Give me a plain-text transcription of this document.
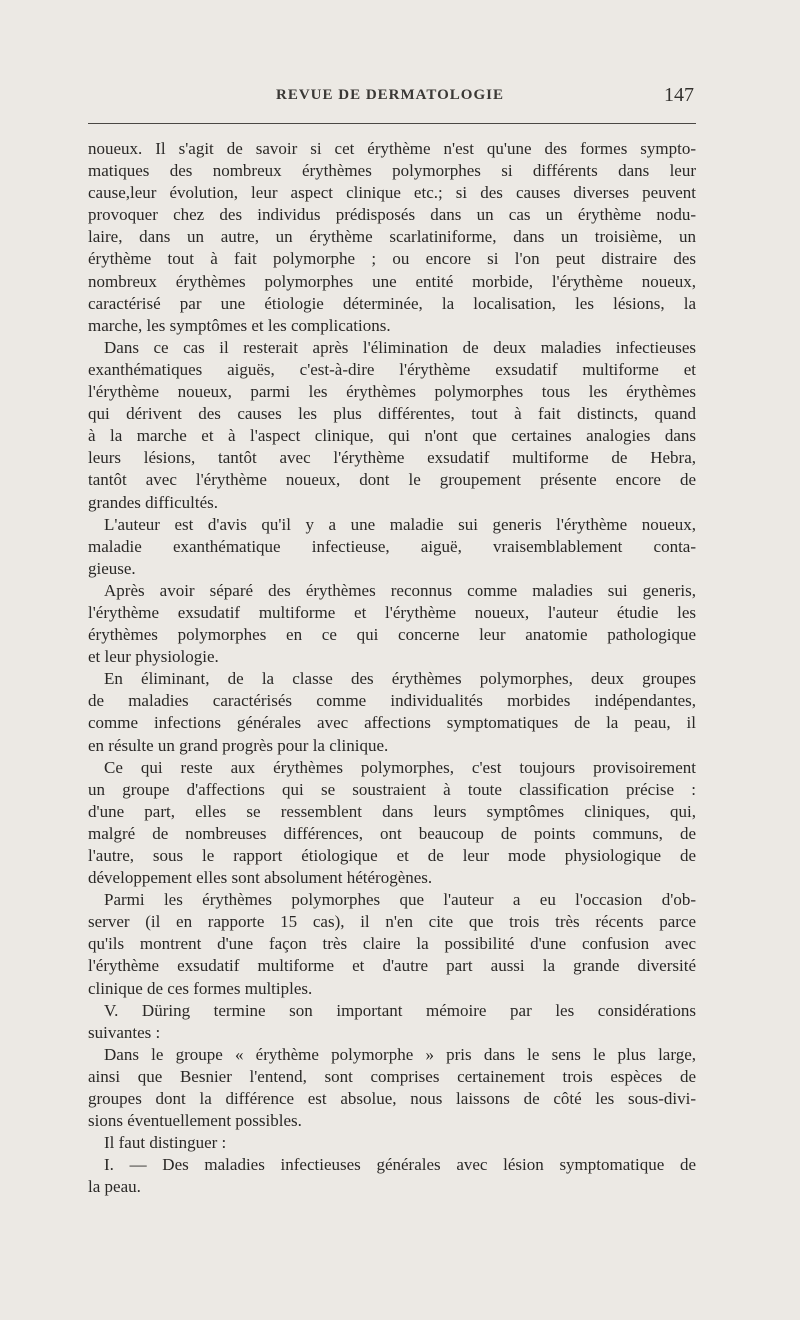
REVUE DE DERMATOLOGIE	147
noueux. Il s'agit de savoir si cet érythème n'est qu'une des formes sympto-
matiques des nombreux érythèmes polymorphes si différents dans leur
cause,leur évolution, leur aspect clinique etc.; si des causes diverses peuvent
provoquer chez des individus prédisposés dans un cas un érythème nodu-
laire, dans un autre, un érythème scarlatiniforme, dans un troisième, un
érythème tout à fait polymorphe ; ou encore si l'on peut distraire des
nombreux érythèmes polymorphes une entité morbide, l'érythème noueux,
caractérisé par une étiologie déterminée, la localisation, les lésions, la
marche, les symptômes et les complications.
Dans ce cas il resterait après l'élimination de deux maladies infectieuses
exanthématiques aiguës, c'est-à-dire l'érythème exsudatif multiforme et
l'érythème noueux, parmi les érythèmes polymorphes tous les érythèmes
qui dérivent des causes les plus différentes, tout à fait distincts, quand
à la marche et à l'aspect clinique, qui n'ont que certaines analogies dans
leurs lésions, tantôt avec l'érythème exsudatif multiforme de Hebra,
tantôt avec l'érythème noueux, dont le groupement présente encore de
grandes difficultés.
L'auteur est d'avis qu'il y a une maladie sui generis l'érythème noueux,
maladie exanthématique infectieuse, aiguë, vraisemblablement conta-
gieuse.
Après avoir séparé des érythèmes reconnus comme maladies sui generis,
l'érythème exsudatif multiforme et l'érythème noueux, l'auteur étudie les
érythèmes polymorphes en ce qui concerne leur anatomie pathologique
et leur physiologie.
En éliminant, de la classe des érythèmes polymorphes, deux groupes
de maladies caractérisés comme individualités morbides indépendantes,
comme infections générales avec affections symptomatiques de la peau, il
en résulte un grand progrès pour la clinique.
Ce qui reste aux érythèmes polymorphes, c'est toujours provisoirement
un groupe d'affections qui se soustraient à toute classification précise :
d'une part, elles se ressemblent dans leurs symptômes cliniques, qui,
malgré de nombreuses différences, ont beaucoup de points communs, de
l'autre, sous le rapport étiologique et de leur mode physiologique de
développement elles sont absolument hétérogènes.
Parmi les érythèmes polymorphes que l'auteur a eu l'occasion d'ob-
server (il en rapporte 15 cas), il n'en cite que trois très récents parce
qu'ils montrent d'une façon très claire la possibilité d'une confusion avec
l'érythème exsudatif multiforme et d'autre part aussi la grande diversité
clinique de ces formes multiples.
V. Düring termine son important mémoire par les considérations
suivantes :
Dans le groupe « érythème polymorphe » pris dans le sens le plus large,
ainsi que Besnier l'entend, sont comprises certainement trois espèces de
groupes dont la différence est absolue, nous laissons de côté les sous-divi-
sions éventuellement possibles.
Il faut distinguer :
I. — Des maladies infectieuses générales avec lésion symptomatique de
la peau.
